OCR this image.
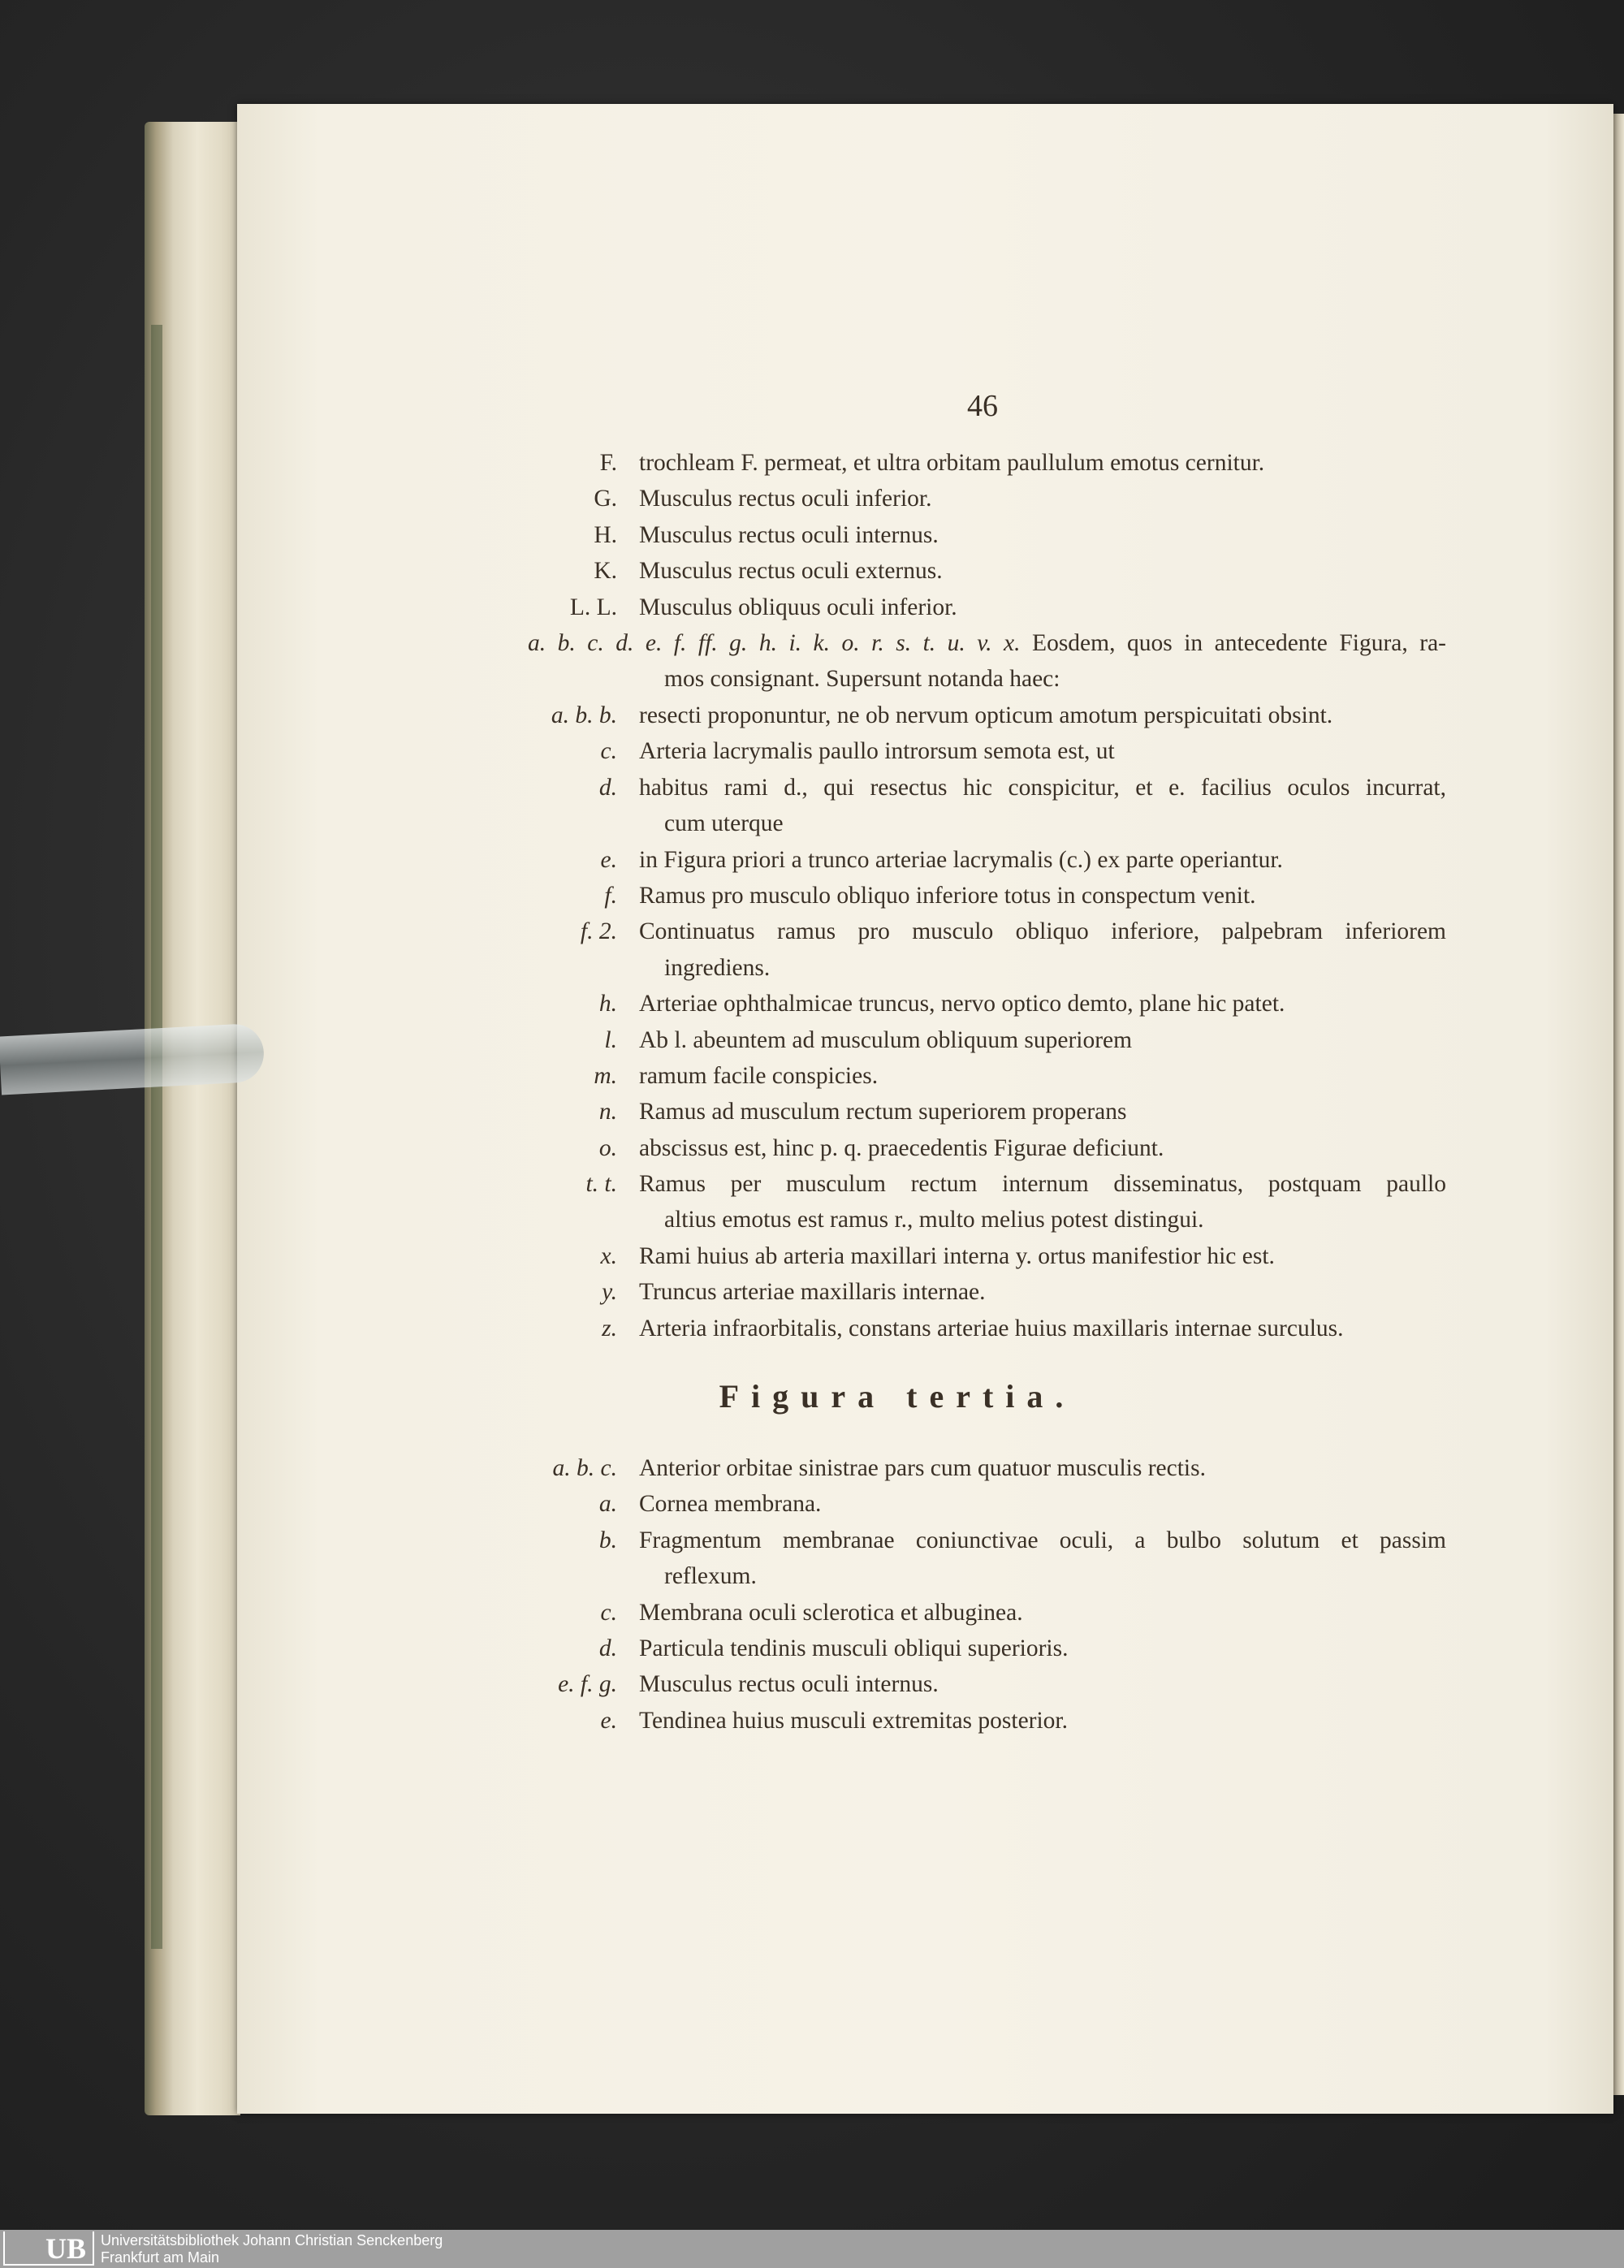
46
F. trochleam F. permeat, et ultra orbitam paullulum emotus cernitur.
G. Musculus rectus oculi inferior.
H. Musculus rectus oculi internus.
K. Musculus rectus oculi externus.
L. L. Musculus obliquus oculi inferior.
a. b. c. d. e. f. ff. g. h. i. k. o. r. s. t. u. v. x. Eosdem, quos in antecedente Figura, ra-
mos consignant. Supersunt notanda haec:
a. b. b. resecti proponuntur, ne ob nervum opticum amotum perspicuitati obsint.
c. Arteria lacrymalis paullo introrsum semota est, ut
d. habitus rami d., qui resectus hic conspicitur, et e. facilius oculos incurrat,
cum uterque
e. in Figura priori a trunco arteriae lacrymalis (c.) ex parte operiantur.
f. Ramus pro musculo obliquo inferiore totus in conspectum venit.
f. 2. Continuatus ramus pro musculo obliquo inferiore, palpebram inferiorem
ingrediens.
h. Arteriae ophthalmicae truncus, nervo optico demto, plane hic patet.
l. Ab l. abeuntem ad musculum obliquum superiorem
m. ramum facile conspicies.
n. Ramus ad musculum rectum superiorem properans
o. abscissus est, hinc p. q. praecedentis Figurae deficiunt.
t. t. Ramus per musculum rectum internum disseminatus, postquam paullo
altius emotus est ramus r., multo melius potest distingui.
x. Rami huius ab arteria maxillari interna y. ortus manifestior hic est.
y. Truncus arteriae maxillaris internae.
z. Arteria infraorbitalis, constans arteriae huius maxillaris internae surculus.
Figura tertia.
a. b. c. Anterior orbitae sinistrae pars cum quatuor musculis rectis.
a. Cornea membrana.
b. Fragmentum membranae coniunctivae oculi, a bulbo solutum et passim
reflexum.
c. Membrana oculi sclerotica et albuginea.
d. Particula tendinis musculi obliqui superioris.
e. f. g. Musculus rectus oculi internus.
e. Tendinea huius musculi extremitas posterior.
UB Universitätsbibliothek Johann Christian Senckenberg
Frankfurt am Main
